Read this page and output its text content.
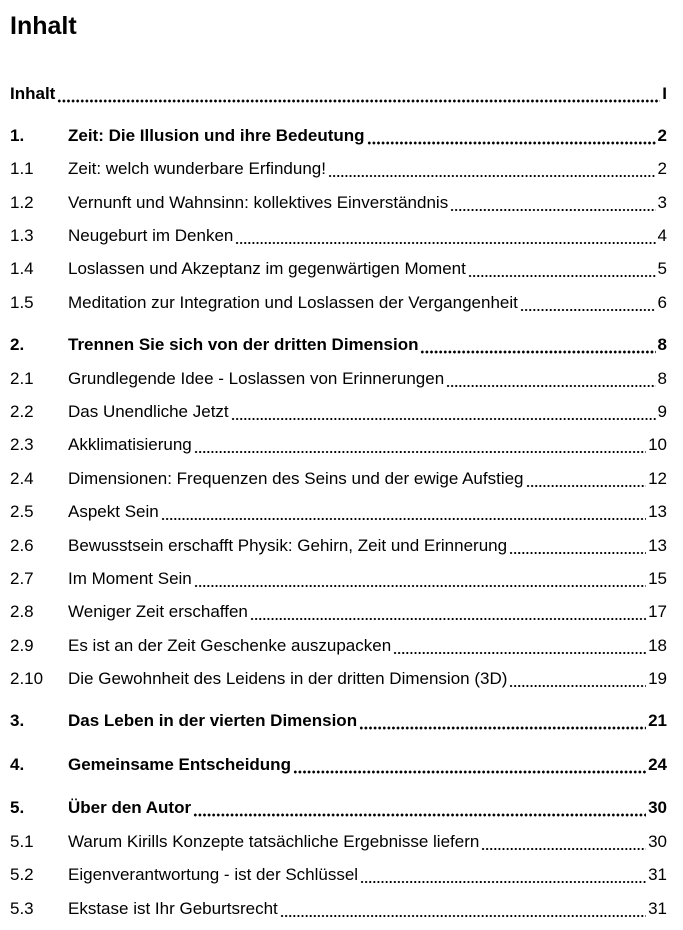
Inhalt
Inhalt	I
1.	Zeit: Die Illusion und ihre Bedeutung	2
1.1	Zeit: welch wunderbare Erfindung!	2
1.2	Vernunft und Wahnsinn: kollektives Einverständnis	3
1.3	Neugeburt im Denken	4
1.4	Loslassen und Akzeptanz im gegenwärtigen Moment	5
1.5	Meditation zur Integration und Loslassen der Vergangenheit	6
2.	Trennen Sie sich von der dritten Dimension	8
2.1	Grundlegende Idee - Loslassen von Erinnerungen	8
2.2	Das Unendliche Jetzt	9
2.3	Akklimatisierung	10
2.4	Dimensionen: Frequenzen des Seins und der ewige Aufstieg	12
2.5	Aspekt Sein	13
2.6	Bewusstsein erschafft Physik: Gehirn, Zeit und Erinnerung	13
2.7	Im Moment Sein	15
2.8	Weniger Zeit erschaffen	17
2.9	Es ist an der Zeit Geschenke auszupacken	18
2.10	Die Gewohnheit des Leidens in der dritten Dimension (3D)	19
3.	Das Leben in der vierten Dimension	21
4.	Gemeinsame Entscheidung	24
5.	Über den Autor	30
5.1	Warum Kirills Konzepte tatsächliche Ergebnisse liefern	30
5.2	Eigenverantwortung - ist der Schlüssel	31
5.3	Ekstase ist Ihr Geburtsrecht	31
